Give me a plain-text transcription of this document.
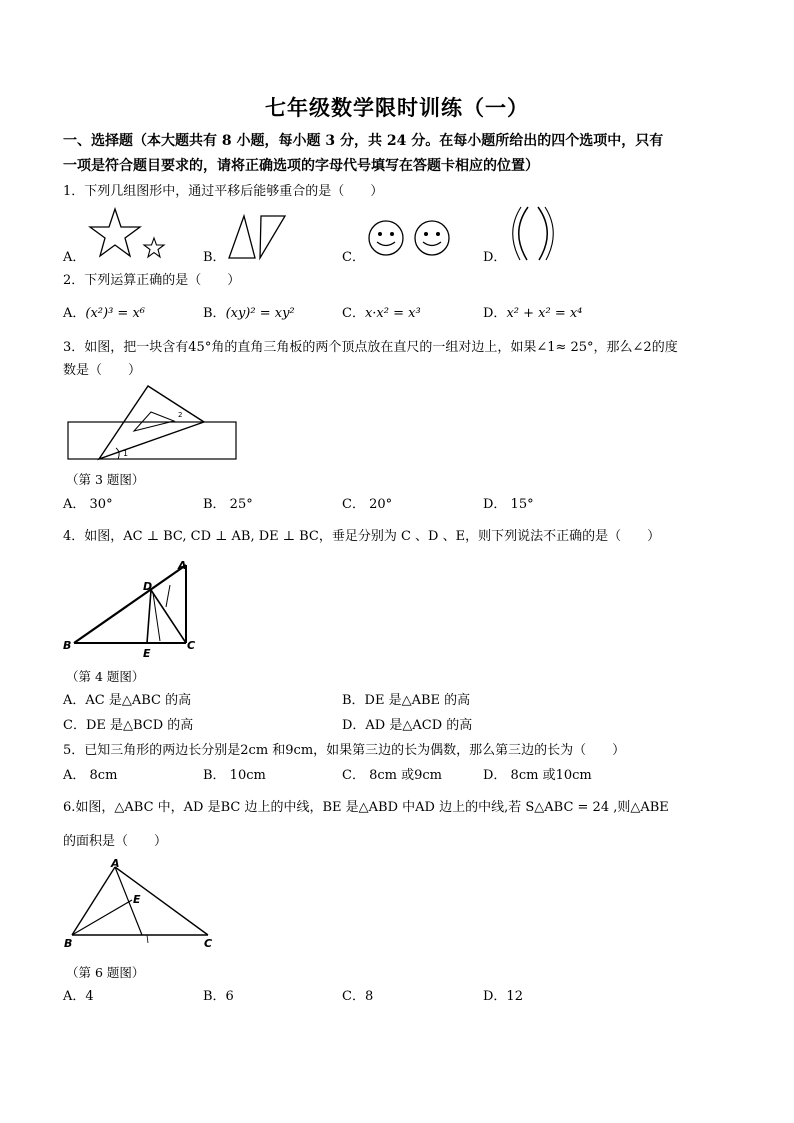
七年级数学限时训练（一）
一、选择题（本大题共有 8 小题，每小题 3 分，共 24 分。在每小题所给出的四个选项中，只有
一项是符合题目要求的，请将正确选项的字母代号填写在答题卡相应的位置）
1．下列几组图形中，通过平移后能够重合的是（　　）
A．	B．	C．	D．
2．下列运算正确的是（　　）
A．(x²)³ = x⁶	B．(xy)² = xy²	C．x·x² = x³	D．x² + x² = x⁴
3．如图，把一块含有45°角的直角三角板的两个顶点放在直尺的一组对边上，如果∠1≈ 25°，那么∠2的度
数是（　　）
1
2
（第 3 题图）
A． 30°	B． 25°	C． 20°	D． 15°
4．如图，AC ⊥ BC, CD ⊥ AB, DE ⊥ BC，垂足分别为 C 、D 、E，则下列说法不正确的是（　　）
A
D
B
E
C
（第 4 题图）
A．AC 是△ABC 的高	B．DE 是△ABE 的高
C．DE 是△BCD 的高	D．AD 是△ACD 的高
5．已知三角形的两边长分别是2cm 和9cm，如果第三边的长为偶数，那么第三边的长为（　　）
A． 8cm	B． 10cm	C． 8cm 或9cm	D． 8cm 或10cm
6.如图，△ABC 中，AD 是BC 边上的中线，BE 是△ABD 中AD 边上的中线,若 S△ABC = 24 ,则△ABE
的面积是（　　）
A
E
B	C
（第 6 题图）
A．4	B．6	C．8	D．12
